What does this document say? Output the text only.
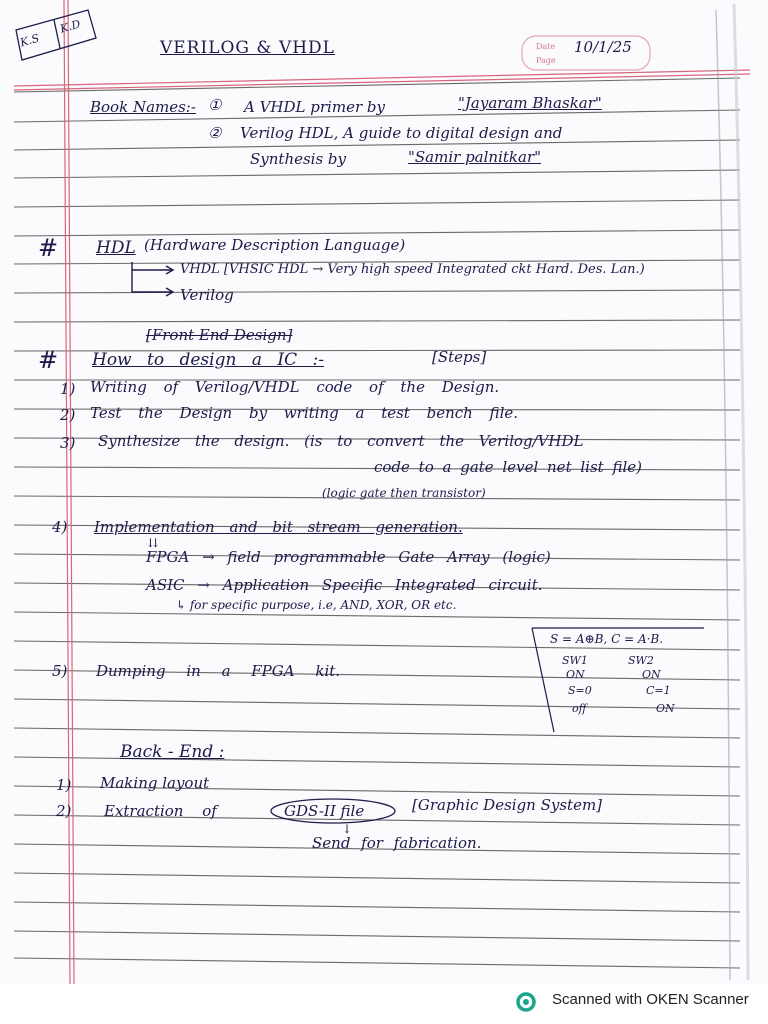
K.S
K.D
VERILOG & VHDL	Date
Page
10/1/25
Book Names:- ① A VHDL primer by	"Jayaram Bhaskar"
② Verilog HDL, A guide to digital design and
Synthesis by	"Samir palnitkar"
# HDL (Hardware Description Language)
VHDL [VHSIC HDL → Very high speed Integrated ckt Hard. Des. Lan.)
Verilog
[Front End Design]
# How to design a IC :-	[Steps]
1) Writing of Verilog/VHDL code of the Design.
2) Test the Design by writing a test bench file.
3) Synthesize the design. (is to convert the Verilog/VHDL
code to a gate level net list file)
(logic gate then transistor)
4) Implementation and bit stream generation.
⇊
FPGA → field programmable Gate Array (logic)
ASIC → Application Specific Integrated circuit.
↳ for specific purpose, i.e, AND, XOR, OR etc.
S = A⊕B, C = A·B.
SW1	SW2
ON	ON
S=0	C=1
off	ON
5) Dumping in a FPGA kit.
Back - End :
1) Making layout
2) Extraction of	GDS-II file	[Graphic Design System]
↓
Send for fabrication.
Scanned with OKEN Scanner
